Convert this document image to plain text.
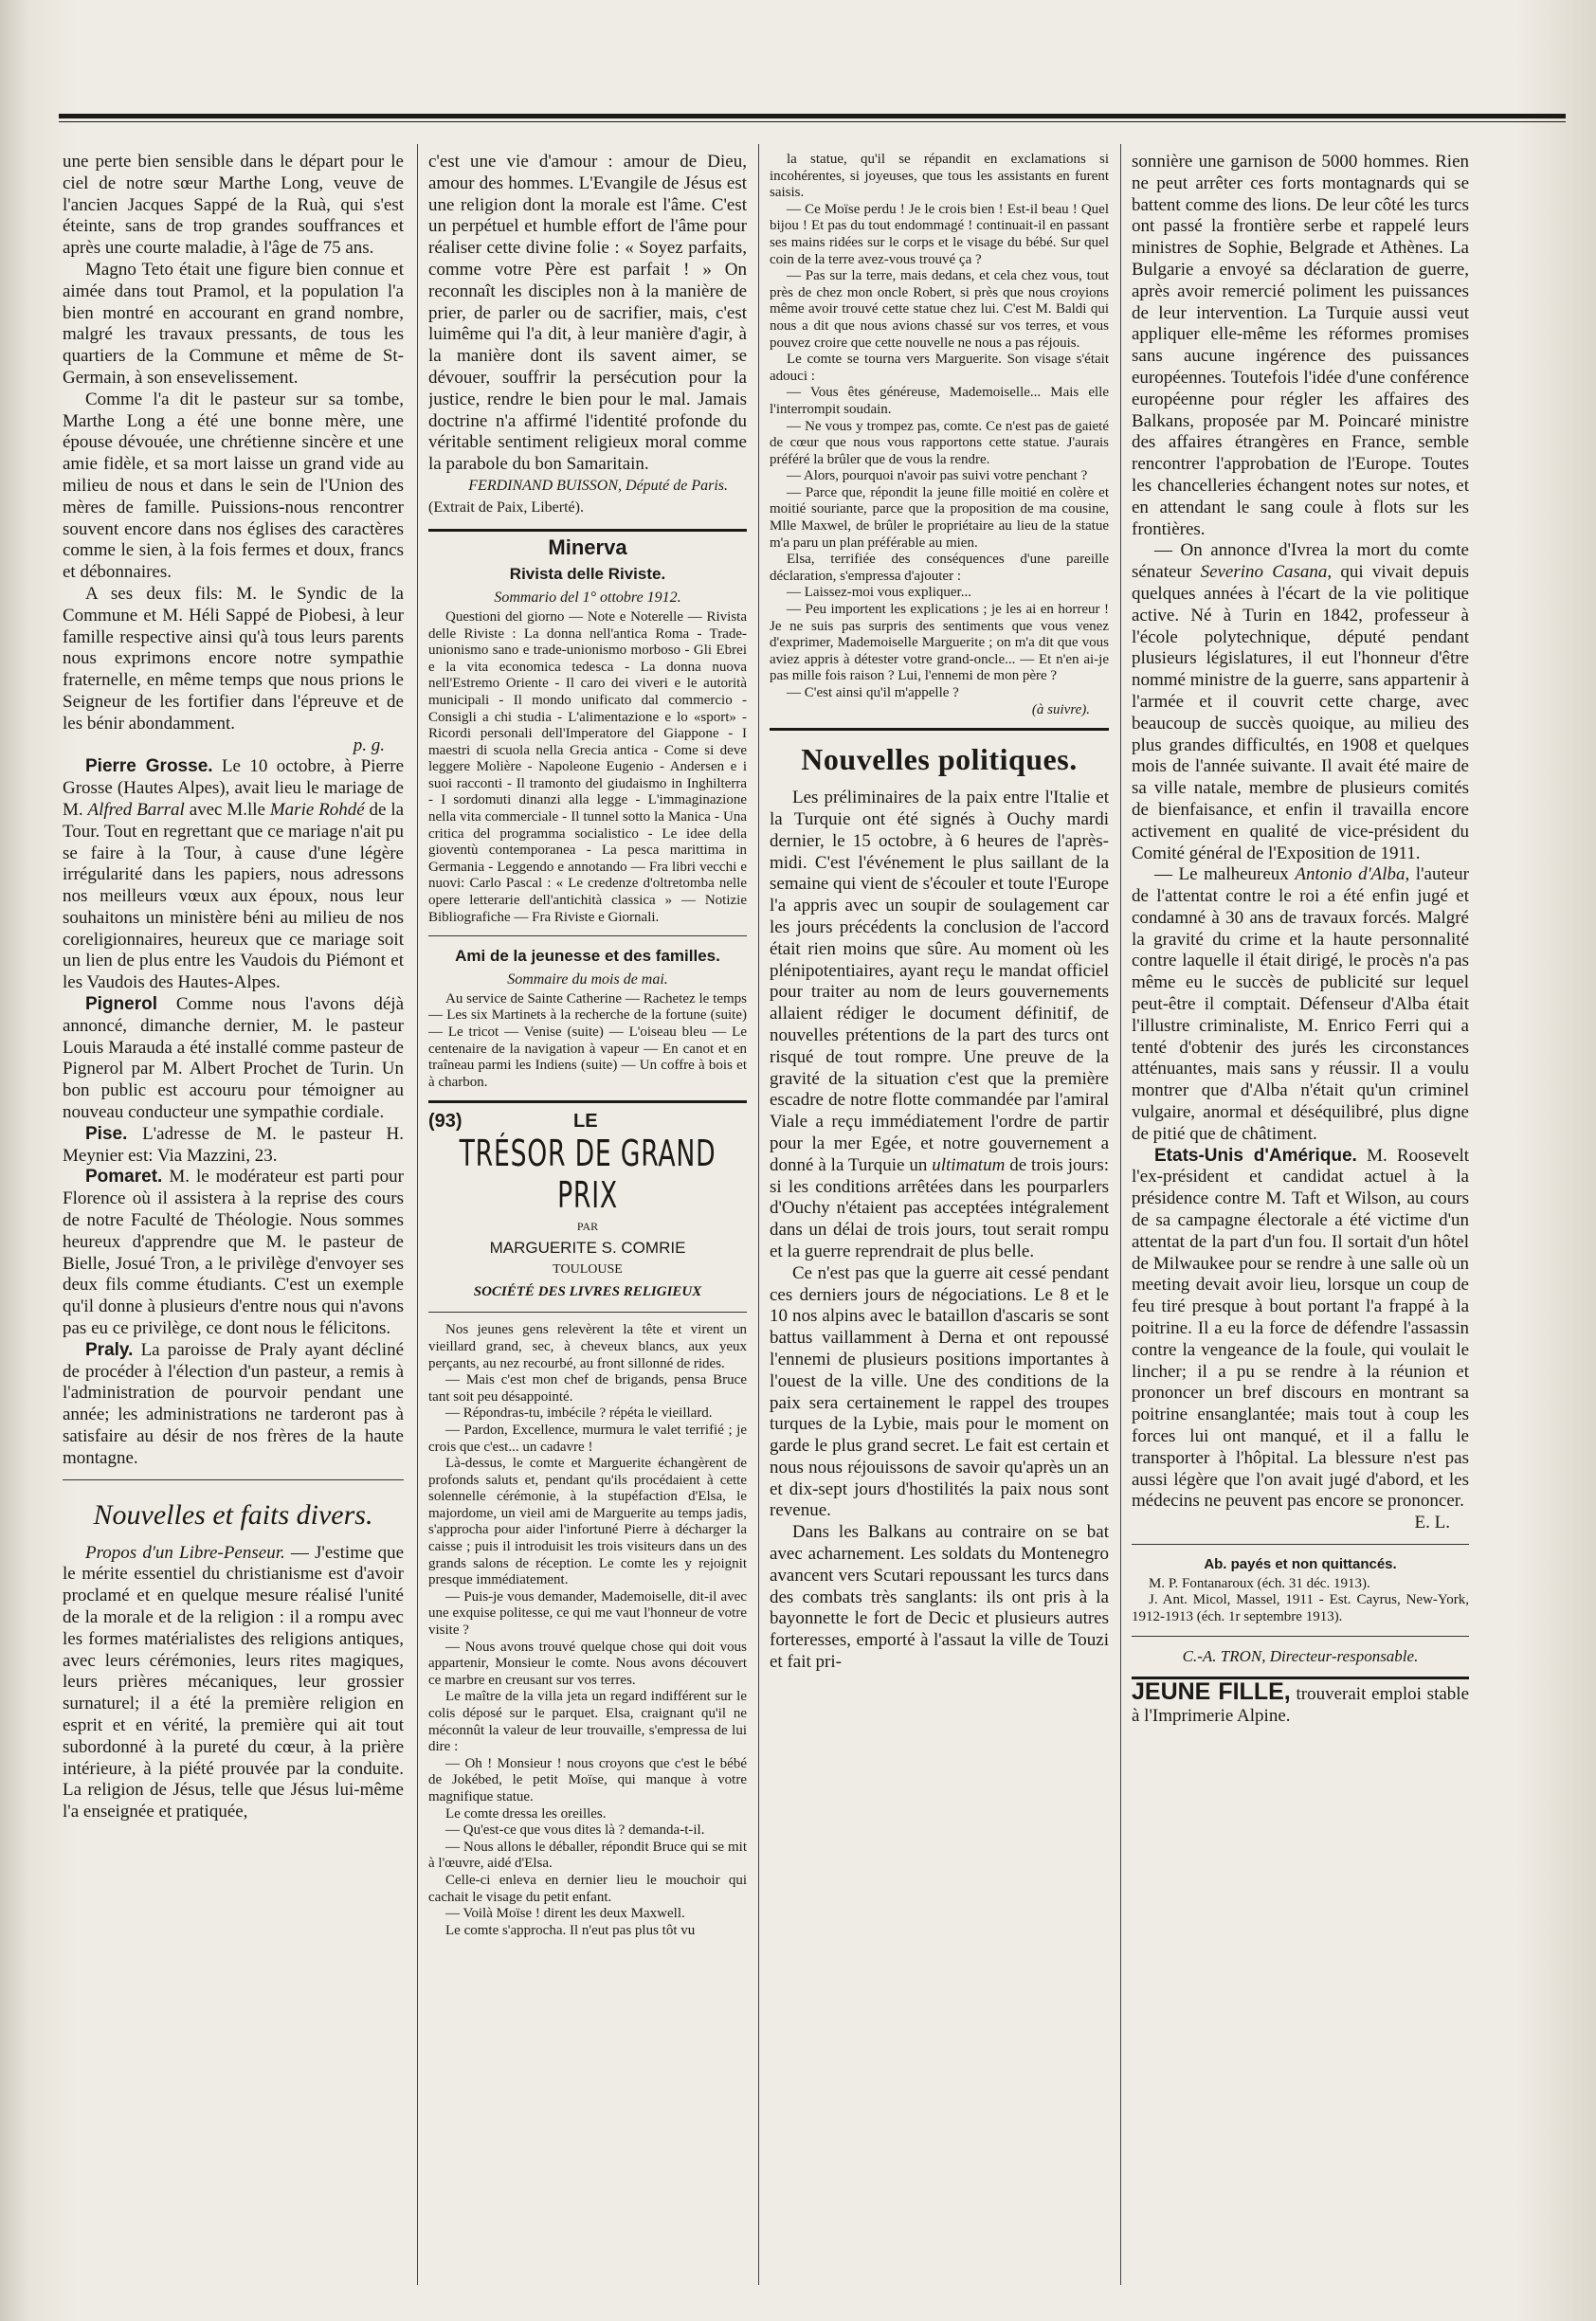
une perte bien sensible dans le départ pour le ciel de notre sœur Marthe Long, veuve de l'ancien Jacques Sappé de la Ruà, qui s'est éteinte, sans de trop grandes souffrances et après une courte maladie, à l'âge de 75 ans.

Magno Teto était une figure bien connue et aimée dans tout Pramol, et la population l'a bien montré en accourant en grand nombre, malgré les travaux pressants, de tous les quartiers de la Commune et même de St-Germain, à son ensevelissement.

Comme l'a dit le pasteur sur sa tombe, Marthe Long a été une bonne mère, une épouse dévouée, une chrétienne sincère et une amie fidèle, et sa mort laisse un grand vide au milieu de nous et dans le sein de l'Union des mères de famille. Puissions-nous rencontrer souvent encore dans nos églises des caractères comme le sien, à la fois fermes et doux, francs et débonnaires.

A ses deux fils: M. le Syndic de la Commune et M. Héli Sappé de Piobesi, à leur famille respective ainsi qu'à tous leurs parents nous exprimons encore notre sympathie fraternelle, en même temps que nous prions le Seigneur de les fortifier dans l'épreuve et de les bénir abondamment.

p. g.

Pierre Grosse. Le 10 octobre, à Pierre Grosse (Hautes Alpes), avait lieu le mariage de M. Alfred Barral avec M.lle Marie Rohdé de la Tour. Tout en regrettant que ce mariage n'ait pu se faire à la Tour, à cause d'une légère irrégularité dans les papiers, nous adressons nos meilleurs vœux aux époux, nous leur souhaitons un ministère béni au milieu de nos coreligionnaires, heureux que ce mariage soit un lien de plus entre les Vaudois du Piémont et les Vaudois des Hautes-Alpes.

Pignerol Comme nous l'avons déjà annoncé, dimanche dernier, M. le pasteur Louis Marauda a été installé comme pasteur de Pignerol par M. Albert Prochet de Turin. Un bon public est accouru pour témoigner au nouveau conducteur une sympathie cordiale.

Pise. L'adresse de M. le pasteur H. Meynier est: Via Mazzini, 23.

Pomaret. M. le modérateur est parti pour Florence où il assistera à la reprise des cours de notre Faculté de Théologie. Nous sommes heureux d'apprendre que M. le pasteur de Bielle, Josué Tron, a le privilège d'envoyer ses deux fils comme étudiants. C'est un exemple qu'il donne à plusieurs d'entre nous qui n'avons pas eu ce privilège, ce dont nous le félicitons.

Praly. La paroisse de Praly ayant décliné de procéder à l'élection d'un pasteur, a remis à l'administration de pourvoir pendant une année; les administrations ne tarderont pas à satisfaire au désir de nos frères de la haute montagne.

Nouvelles et faits divers.

Propos d'un Libre-Penseur. — J'estime que le mérite essentiel du christianisme est d'avoir proclamé et en quelque mesure réalisé l'unité de la morale et de la religion : il a rompu avec les formes matérialistes des religions antiques, avec leurs cérémonies, leurs rites magiques, leurs prières mécaniques, leur grossier surnaturel; il a été la première religion en esprit et en vérité, la première qui ait tout subordonné à la pureté du cœur, à la prière intérieure, à la piété prouvée par la conduite. La religion de Jésus, telle que Jésus lui-même l'a enseignée et pratiquée,

c'est une vie d'amour : amour de Dieu, amour des hommes. L'Evangile de Jésus est une religion dont la morale est l'âme. C'est un perpétuel et humble effort de l'âme pour réaliser cette divine folie : « Soyez parfaits, comme votre Père est parfait ! » On reconnaît les disciples non à la manière de prier, de parler ou de sacrifier, mais, c'est luimême qui l'a dit, à leur manière d'agir, à la manière dont ils savent aimer, se dévouer, souffrir la persécution pour la justice, rendre le bien pour le mal. Jamais doctrine n'a affirmé l'identité profonde du véritable sentiment religieux moral comme la parabole du bon Samaritain.

FERDINAND BUISSON, Député de Paris.

(Extrait de Paix, Liberté).

Minerva
Rivista delle Riviste.
Sommario del 1° ottobre 1912.

Questioni del giorno — Note e Noterelle — Rivista delle Riviste : La donna nell'antica Roma - Trade-unionismo sano e trade-unionismo morboso - Gli Ebrei e la vita economica tedesca - La donna nuova nell'Estremo Oriente - Il caro dei viveri e le autorità municipali - Il mondo unificato dal commercio - Consigli a chi studia - L'alimentazione e lo «sport» - Ricordi personali dell'Imperatore del Giappone - I maestri di scuola nella Grecia antica - Come si deve leggere Molière - Napoleone Eugenio - Andersen e i suoi racconti - Il tramonto del giudaismo in Inghilterra - I sordomuti dinanzi alla legge - L'immaginazione nella vita commerciale - Il tunnel sotto la Manica - Una critica del programma socialistico - Le idee della gioventù contemporanea - La pesca marittima in Germania - Leggendo e annotando — Fra libri vecchi e nuovi: Carlo Pascal : « Le credenze d'oltretomba nelle opere letterarie dell'antichità classica » — Notizie Bibliografiche — Fra Riviste e Giornali.

Ami de la jeunesse et des familles.
Sommaire du mois de mai.

Au service de Sainte Catherine — Rachetez le temps — Les six Martinets à la recherche de la fortune (suite) — Le tricot — Venise (suite) — L'oiseau bleu — Le centenaire de la navigation à vapeur — En canot et en traîneau parmi les Indiens (suite) — Un coffre à bois et à charbon.

(93)	LE
TRÉSOR DE GRAND PRIX
PAR
MARGUERITE S. COMRIE
TOULOUSE
SOCIÉTÉ DES LIVRES RELIGIEUX

Nos jeunes gens relevèrent la tête et virent un vieillard grand, sec, à cheveux blancs, aux yeux perçants, au nez recourbé, au front sillonné de rides.

— Mais c'est mon chef de brigands, pensa Bruce tant soit peu désappointé.

— Répondras-tu, imbécile ? répéta le vieillard.

— Pardon, Excellence, murmura le valet terrifié ; je crois que c'est... un cadavre !

Là-dessus, le comte et Marguerite échangèrent de profonds saluts et, pendant qu'ils procédaient à cette solennelle cérémonie, à la stupéfaction d'Elsa, le majordome, un vieil ami de Marguerite au temps jadis, s'approcha pour aider l'infortuné Pierre à décharger la caisse ; puis il introduisit les trois visiteurs dans un des grands salons de réception. Le comte les y rejoignit presque immédiatement.

— Puis-je vous demander, Mademoiselle, dit-il avec une exquise politesse, ce qui me vaut l'honneur de votre visite ?

— Nous avons trouvé quelque chose qui doit vous appartenir, Monsieur le comte. Nous avons découvert ce marbre en creusant sur vos terres.

Le maître de la villa jeta un regard indifférent sur le colis déposé sur le parquet. Elsa, craignant qu'il ne méconnût la valeur de leur trouvaille, s'empressa de lui dire :

— Oh ! Monsieur ! nous croyons que c'est le bébé de Jokébed, le petit Moïse, qui manque à votre magnifique statue.

Le comte dressa les oreilles.

— Qu'est-ce que vous dites là ? demanda-t-il.

— Nous allons le déballer, répondit Bruce qui se mit à l'œuvre, aidé d'Elsa.

Celle-ci enleva en dernier lieu le mouchoir qui cachait le visage du petit enfant.

— Voilà Moïse ! dirent les deux Maxwell.

Le comte s'approcha. Il n'eut pas plus tôt vu

la statue, qu'il se répandit en exclamations si incohérentes, si joyeuses, que tous les assistants en furent saisis.

— Ce Moïse perdu ! Je le crois bien ! Est-il beau ! Quel bijou ! Et pas du tout endommagé ! continuait-il en passant ses mains ridées sur le corps et le visage du bébé. Sur quel coin de la terre avez-vous trouvé ça ?

— Pas sur la terre, mais dedans, et cela chez vous, tout près de chez mon oncle Robert, si près que nous croyions même avoir trouvé cette statue chez lui. C'est M. Baldi qui nous a dit que nous avions chassé sur vos terres, et vous pouvez croire que cette nouvelle ne nous a pas réjouis.

Le comte se tourna vers Marguerite. Son visage s'était adouci :

— Vous êtes généreuse, Mademoiselle... Mais elle l'interrompit soudain.

— Ne vous y trompez pas, comte. Ce n'est pas de gaieté de cœur que nous vous rapportons cette statue. J'aurais préféré la brûler que de vous la rendre.

— Alors, pourquoi n'avoir pas suivi votre penchant ?

— Parce que, répondit la jeune fille moitié en colère et moitié souriante, parce que la proposition de ma cousine, Mlle Maxwel, de brûler le propriétaire au lieu de la statue m'a paru un plan préférable au mien.

Elsa, terrifiée des conséquences d'une pareille déclaration, s'empressa d'ajouter :

— Laissez-moi vous expliquer...

— Peu importent les explications ; je les ai en horreur ! Je ne suis pas surpris des sentiments que vous venez d'exprimer, Mademoiselle Marguerite ; on m'a dit que vous aviez appris à détester votre grand-oncle... — Et n'en ai-je pas mille fois raison ? Lui, l'ennemi de mon père ?

— C'est ainsi qu'il m'appelle ?

(à suivre).

Nouvelles politiques.

Les préliminaires de la paix entre l'Italie et la Turquie ont été signés à Ouchy mardi dernier, le 15 octobre, à 6 heures de l'après-midi. C'est l'événement le plus saillant de la semaine qui vient de s'écouler et toute l'Europe l'a appris avec un soupir de soulagement car les jours précédents la conclusion de l'accord était rien moins que sûre. Au moment où les plénipotentiaires, ayant reçu le mandat officiel pour traiter au nom de leurs gouvernements allaient rédiger le document définitif, de nouvelles prétentions de la part des turcs ont risqué de tout rompre. Une preuve de la gravité de la situation c'est que la première escadre de notre flotte commandée par l'amiral Viale a reçu immédiatement l'ordre de partir pour la mer Egée, et notre gouvernement a donné à la Turquie un ultimatum de trois jours: si les conditions arrêtées dans les pourparlers d'Ouchy n'étaient pas acceptées intégralement dans un délai de trois jours, tout serait rompu et la guerre reprendrait de plus belle.

Ce n'est pas que la guerre ait cessé pendant ces derniers jours de négociations. Le 8 et le 10 nos alpins avec le bataillon d'ascaris se sont battus vaillamment à Derna et ont repoussé l'ennemi de plusieurs positions importantes à l'ouest de la ville. Une des conditions de la paix sera certainement le rappel des troupes turques de la Lybie, mais pour le moment on garde le plus grand secret. Le fait est certain et nous nous réjouissons de savoir qu'après un an et dix-sept jours d'hostilités la paix nous sont revenue.

Dans les Balkans au contraire on se bat avec acharnement. Les soldats du Montenegro avancent vers Scutari repoussant les turcs dans des combats très sanglants: ils ont pris à la bayonnette le fort de Decic et plusieurs autres forteresses, emporté à l'assaut la ville de Touzi et fait pri-

sonnière une garnison de 5000 hommes. Rien ne peut arrêter ces forts montagnards qui se battent comme des lions. De leur côté les turcs ont passé la frontière serbe et rappelé leurs ministres de Sophie, Belgrade et Athènes. La Bulgarie a envoyé sa déclaration de guerre, après avoir remercié poliment les puissances de leur intervention. La Turquie aussi veut appliquer elle-même les réformes promises sans aucune ingérence des puissances européennes. Toutefois l'idée d'une conférence européenne pour régler les affaires des Balkans, proposée par M. Poincaré ministre des affaires étrangères en France, semble rencontrer l'approbation de l'Europe. Toutes les chancelleries échangent notes sur notes, et en attendant le sang coule à flots sur les frontières.

— On annonce d'Ivrea la mort du comte sénateur Severino Casana, qui vivait depuis quelques années à l'écart de la vie politique active. Né à Turin en 1842, professeur à l'école polytechnique, député pendant plusieurs législatures, il eut l'honneur d'être nommé ministre de la guerre, sans appartenir à l'armée et il couvrit cette charge, avec beaucoup de succès quoique, au milieu des plus grandes difficultés, en 1908 et quelques mois de l'année suivante. Il avait été maire de sa ville natale, membre de plusieurs comités de bienfaisance, et enfin il travailla encore activement en qualité de vice-président du Comité général de l'Exposition de 1911.

— Le malheureux Antonio d'Alba, l'auteur de l'attentat contre le roi a été enfin jugé et condamné à 30 ans de travaux forcés. Malgré la gravité du crime et la haute personnalité contre laquelle il était dirigé, le procès n'a pas même eu le succès de publicité sur lequel peut-être il comptait. Défenseur d'Alba était l'illustre criminaliste, M. Enrico Ferri qui a tenté d'obtenir des jurés les circonstances atténuantes, mais sans y réussir. Il a voulu montrer que d'Alba n'était qu'un criminel vulgaire, anormal et déséquilibré, plus digne de pitié que de châtiment.

Etats-Unis d'Amérique. M. Roosevelt l'ex-président et candidat actuel à la présidence contre M. Taft et Wilson, au cours de sa campagne électorale a été victime d'un attentat de la part d'un fou. Il sortait d'un hôtel de Milwaukee pour se rendre à une salle où un meeting devait avoir lieu, lorsque un coup de feu tiré presque à bout portant l'a frappé à la poitrine. Il a eu la force de défendre l'assassin contre la vengeance de la foule, qui voulait le lincher; il a pu se rendre à la réunion et prononcer un bref discours en montrant sa poitrine ensanglantée; mais tout à coup les forces lui ont manqué, et il a fallu le transporter à l'hôpital. La blessure n'est pas aussi légère que l'on avait jugé d'abord, et les médecins ne peuvent pas encore se prononcer.

E. L.

Ab. payés et non quittancés.

M. P. Fontanaroux (éch. 31 déc. 1913).

J. Ant. Micol, Massel, 1911 - Est. Cayrus, New-York, 1912-1913 (éch. 1r septembre 1913).

C.-A. TRON, Directeur-responsable.

JEUNE FILLE, trouverait emploi stable à l'Imprimerie Alpine.
